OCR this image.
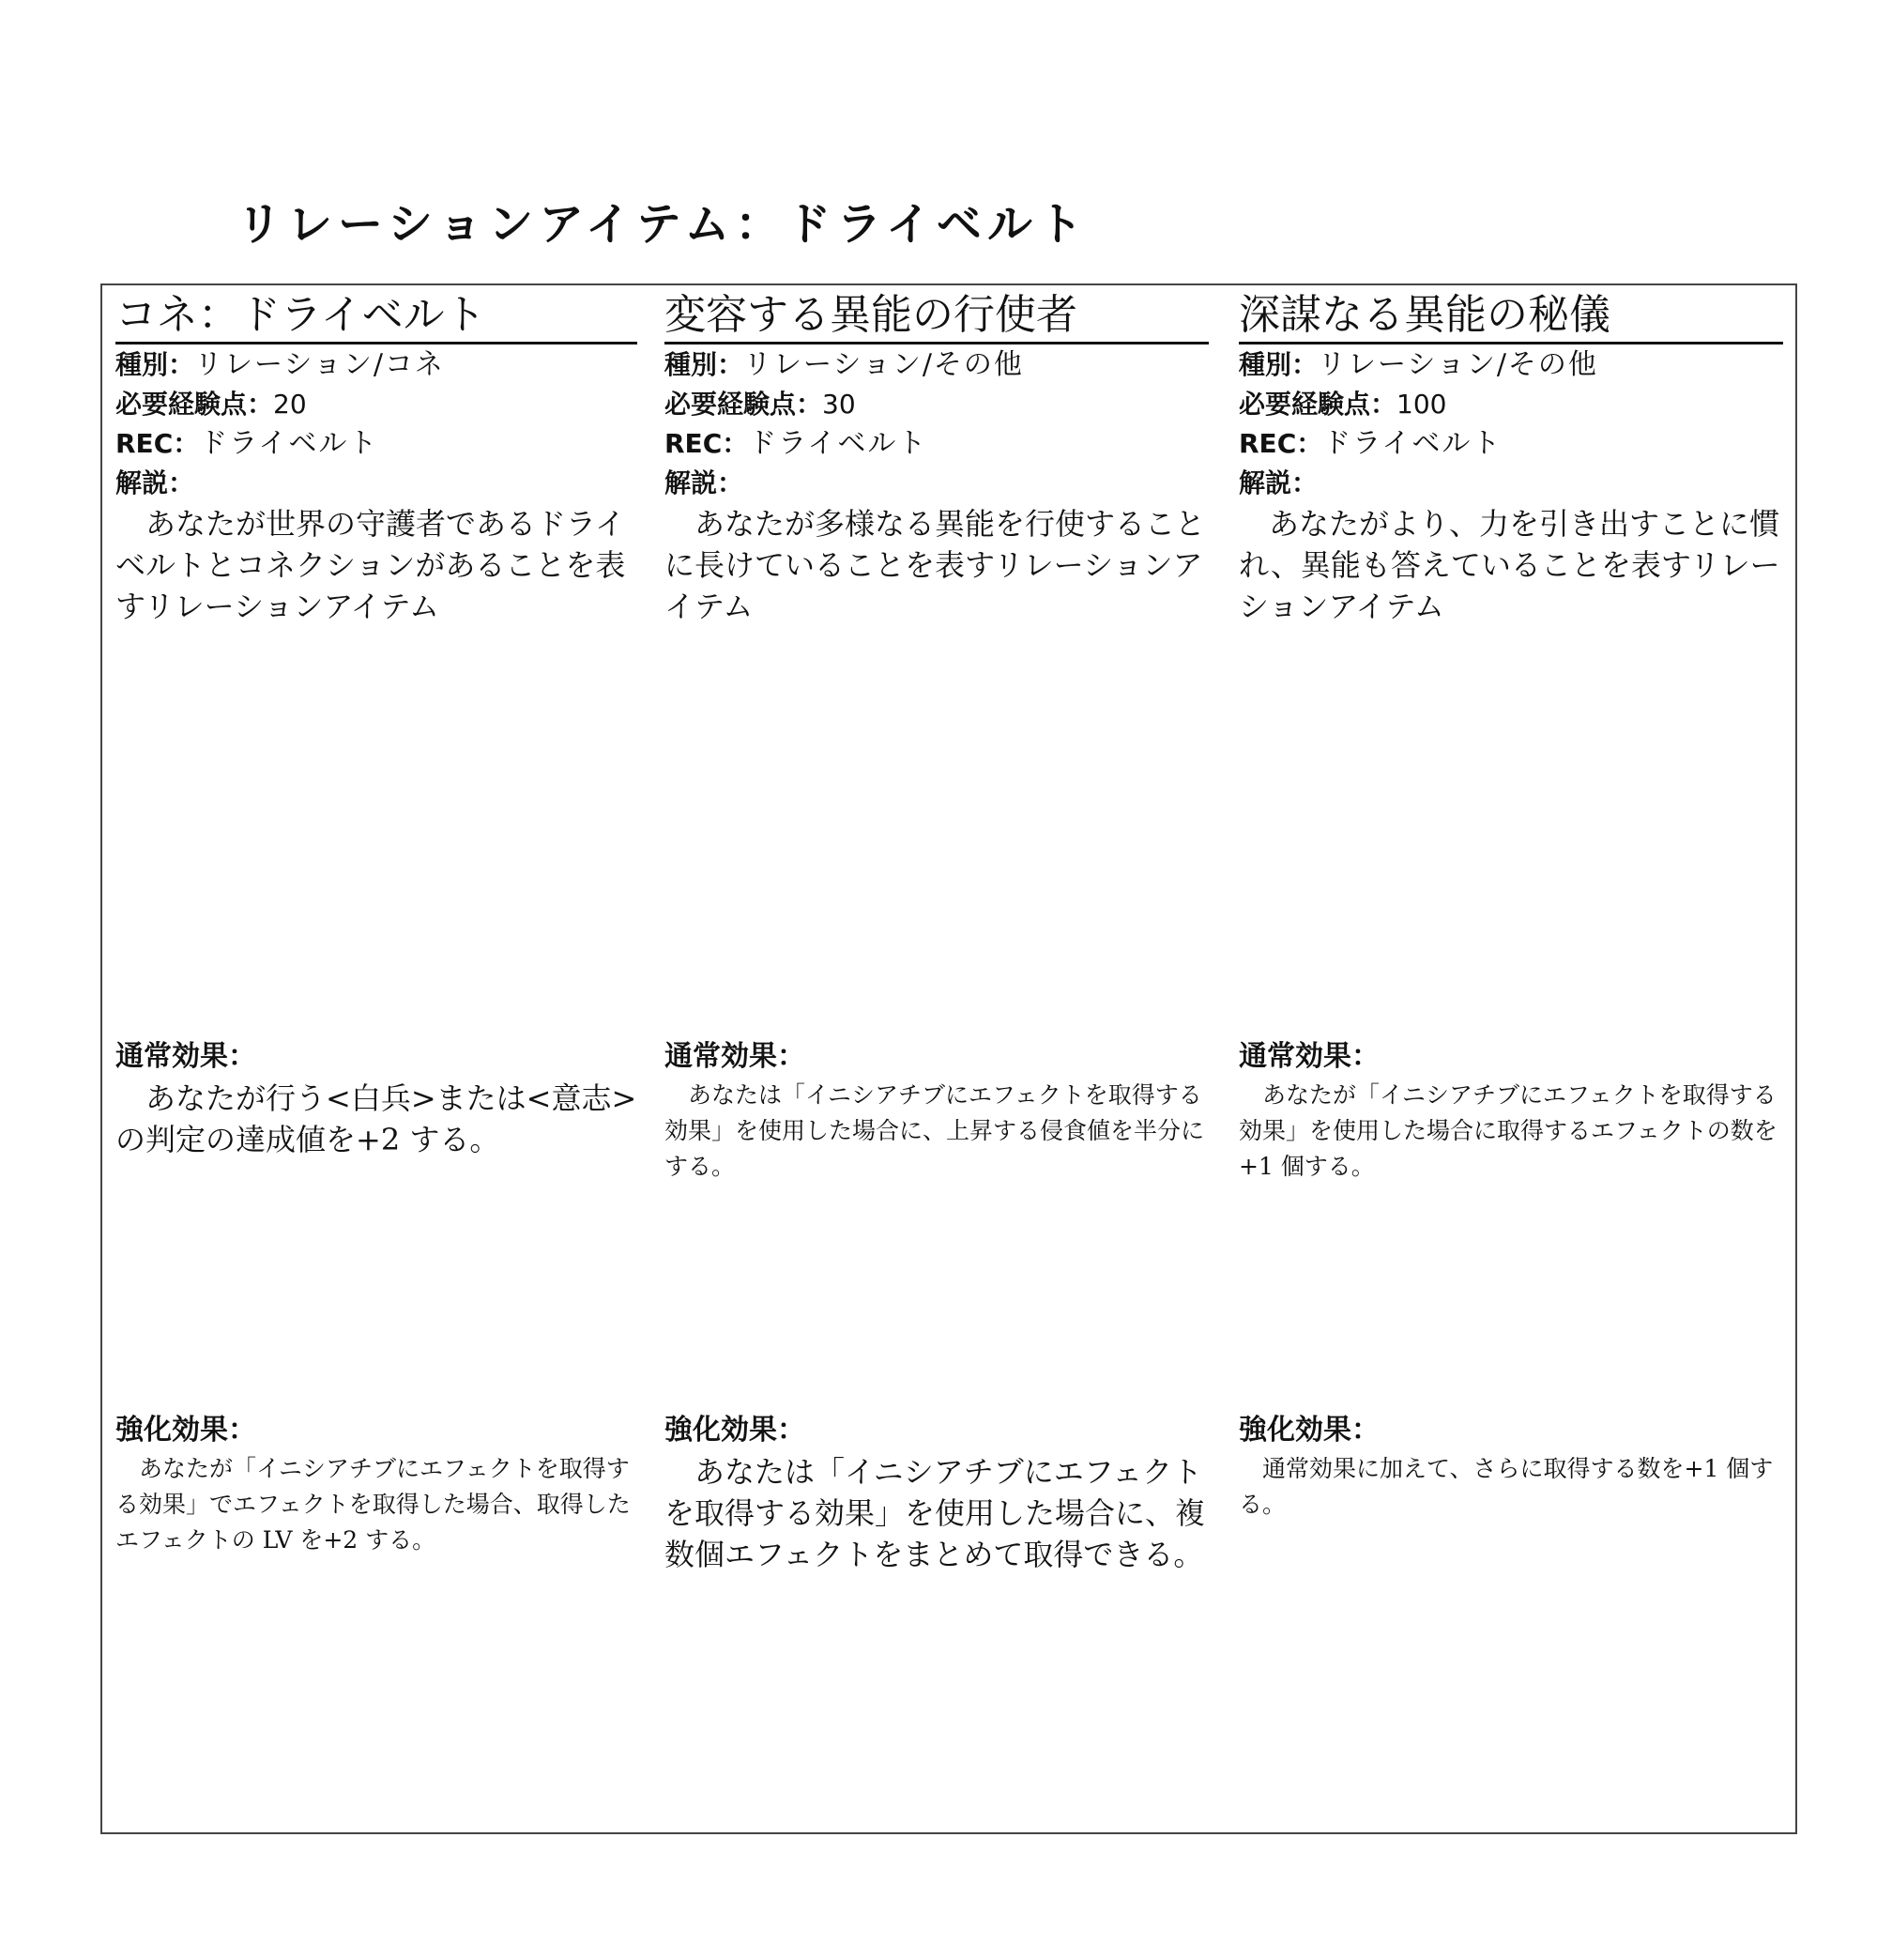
リレーションアイテム：ドライベルト
コネ：ドライベルト
種別：リレーション/コネ
必要経験点：20
REC：ドライベルト
解説：

あなたが世界の守護者であるドライベルトとコネクションがあることを表すリレーションアイテム

通常効果：

あなたが行う<白兵>または<意志>の判定の達成値を+2 する。

強化効果：

あなたが「イニシアチブにエフェクトを取得する効果」でエフェクトを取得した場合、取得したエフェクトの LV を+2 する。

変容する異能の行使者
種別：リレーション/その他
必要経験点：30
REC：ドライベルト
解説：

あなたが多様なる異能を行使することに長けていることを表すリレーションアイテム

通常効果：

あなたは「イニシアチブにエフェクトを取得する効果」を使用した場合に、上昇する侵食値を半分にする。

強化効果：

あなたは「イニシアチブにエフェクトを取得する効果」を使用した場合に、複数個エフェクトをまとめて取得できる。

深謀なる異能の秘儀
種別：リレーション/その他
必要経験点：100
REC：ドライベルト
解説：

あなたがより、力を引き出すことに慣れ、異能も答えていることを表すリレーションアイテム

通常効果：

あなたが「イニシアチブにエフェクトを取得する効果」を使用した場合に取得するエフェクトの数を+1 個する。

強化効果：

通常効果に加えて、さらに取得する数を+1 個する。
